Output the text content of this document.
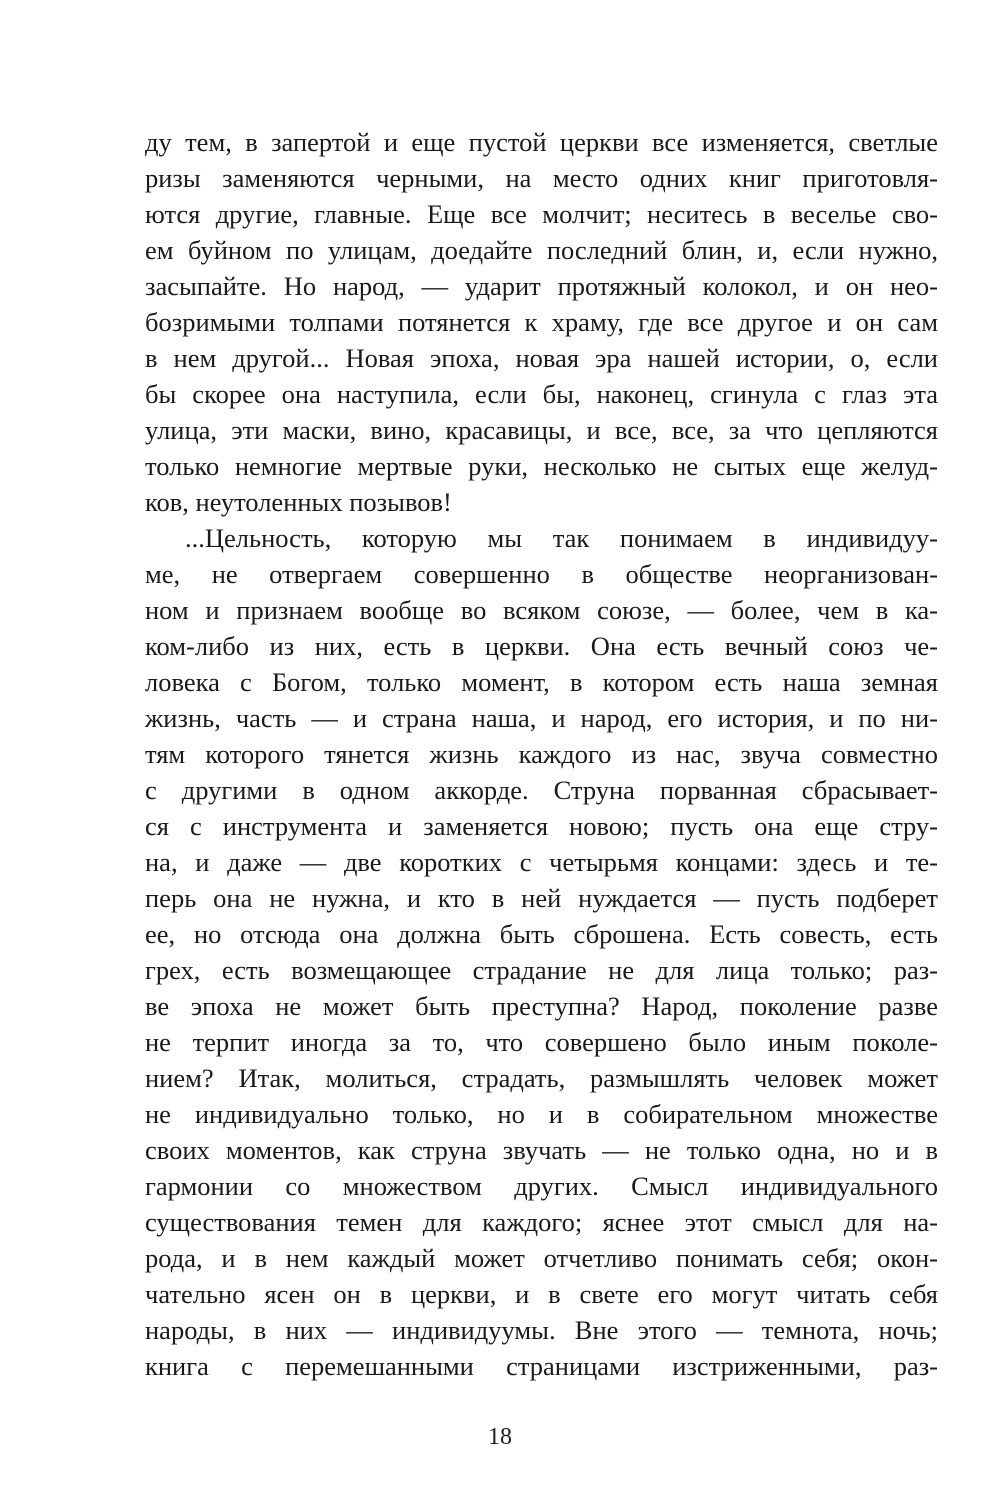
ду тем, в запертой и еще пустой церкви все изменяется, светлые
ризы заменяются черными, на место одних книг приготовля-
ются другие, главные. Еще все молчит; неситесь в веселье сво-
ем буйном по улицам, доедайте последний блин, и, если нужно,
засыпайте. Но народ, — ударит протяжный колокол, и он нео-
бозримыми толпами потянется к храму, где все другое и он сам
в нем другой... Новая эпоха, новая эра нашей истории, о, если
бы скорее она наступила, если бы, наконец, сгинула с глаз эта
улица, эти маски, вино, красавицы, и все, все, за что цепляются
только немногие мертвые руки, несколько не сытых еще желуд-
ков, неутоленных позывов!
...Цельность, которую мы так понимаем в индивидуу-
ме, не отвергаем совершенно в обществе неорганизован-
ном и признаем вообще во всяком союзе, — более, чем в ка-
ком-либо из них, есть в церкви. Она есть вечный союз че-
ловека с Богом, только момент, в котором есть наша земная
жизнь, часть — и страна наша, и народ, его история, и по ни-
тям которого тянется жизнь каждого из нас, звуча совместно
с другими в одном аккорде. Струна порванная сбрасывает-
ся с инструмента и заменяется новою; пусть она еще стру-
на, и даже — две коротких с четырьмя концами: здесь и те-
перь она не нужна, и кто в ней нуждается — пусть подберет
ее, но отсюда она должна быть сброшена. Есть совесть, есть
грех, есть возмещающее страдание не для лица только; раз-
ве эпоха не может быть преступна? Народ, поколение разве
не терпит иногда за то, что совершено было иным поколе-
нием? Итак, молиться, страдать, размышлять человек может
не индивидуально только, но и в собирательном множестве
своих моментов, как струна звучать — не только одна, но и в
гармонии со множеством других. Смысл индивидуального
существования темен для каждого; яснее этот смысл для на-
рода, и в нем каждый может отчетливо понимать себя; окон-
чательно ясен он в церкви, и в свете его могут читать себя
народы, в них — индивидуумы. Вне этого — темнота, ночь;
книга с перемешанными страницами изстриженными, раз-
18
